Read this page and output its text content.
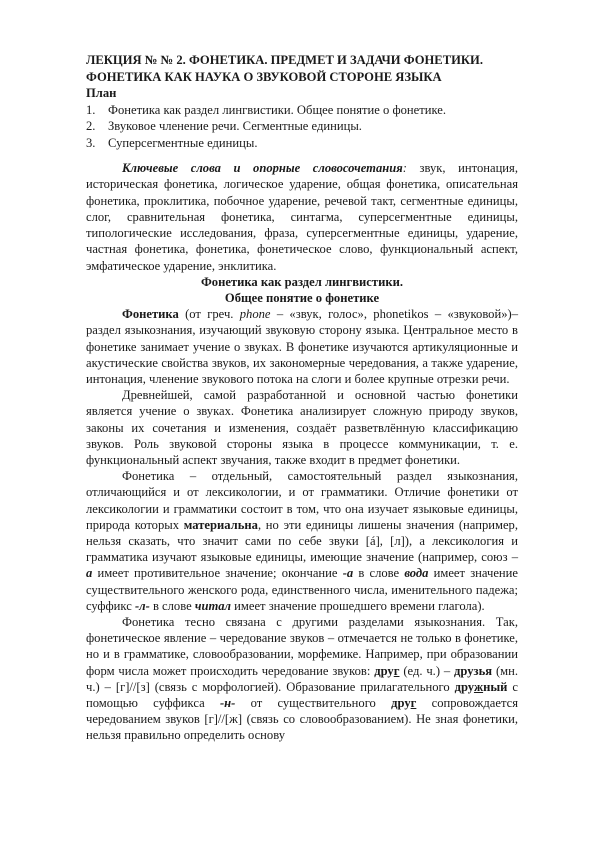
ЛЕКЦИЯ № № 2. ФОНЕТИКА. ПРЕДМЕТ И ЗАДАЧИ ФОНЕТИКИ.

ФОНЕТИКА КАК НАУКА О ЗВУКОВОЙ СТОРОНЕ ЯЗЫКА

План

1. Фонетика как раздел лингвистики. Общее понятие о фонетике.
2. Звуковое членение речи. Сегментные единицы.
3. Суперсегментные единицы.

Ключевые слова и опорные словосочетания: звук, интонация, историческая фонетика, логическое ударение, общая фонетика, описательная фонетика, проклитика, побочное ударение, речевой такт, сегментные единицы, слог, сравнительная фонетика, синтагма, суперсегментные единицы, типологические исследования, фраза, суперсегментные единицы, ударение, частная фонетика, фонетика, фонетическое слово, функциональный аспект, эмфатическое ударение, энклитика.

Фонетика как раздел лингвистики.

Общее понятие о фонетике

Фонетика (от греч. phone – «звук, голос», phonetikos – «звуковой»)– раздел языкознания, изучающий звуковую сторону языка. Центральное место в фонетике занимает учение о звуках. В фонетике изучаются артикуляционные и акустические свойства звуков, их закономерные чередования, а также ударение, интонация, членение звукового потока на слоги и более крупные отрезки речи.

Древнейшей, самой разработанной и основной частью фонетики является учение о звуках. Фонетика анализирует сложную природу звуков, законы их сочетания и изменения, создаёт разветвлённую классификацию звуков. Роль звуковой стороны языка в процессе коммуникации, т. е. функциональный аспект звучания, также входит в предмет фонетики.

Фонетика – отдельный, самостоятельный раздел языкознания, отличающийся и от лексикологии, и от грамматики. Отличие фонетики от лексикологии и грамматики состоит в том, что она изучает языковые единицы, природа которых материальна, но эти единицы лишены значения (например, нельзя сказать, что значит сами по себе звуки [á], [л]), а лексикология и грамматика изучают языковые единицы, имеющие значение (например, союз – а имеет противительное значение; окончание -а в слове вода имеет значение существительного женского рода, единственного числа, именительного падежа; суффикс -л- в слове читал имеет значение прошедшего времени глагола).

Фонетика тесно связана с другими разделами языкознания. Так, фонетическое явление – чередование звуков – отмечается не только в фонетике, но и в грамматике, словообразовании, морфемике. Например, при образовании форм числа может происходить чередование звуков: друг (ед. ч.) – друзья (мн. ч.) – [г]//[з] (связь с морфологией). Образование прилагательного дружный с помощью суффикса -н- от существительного друг сопровождается чередованием звуков [г]//[ж] (связь со словообразованием). Не зная фонетики, нельзя правильно определить основу
